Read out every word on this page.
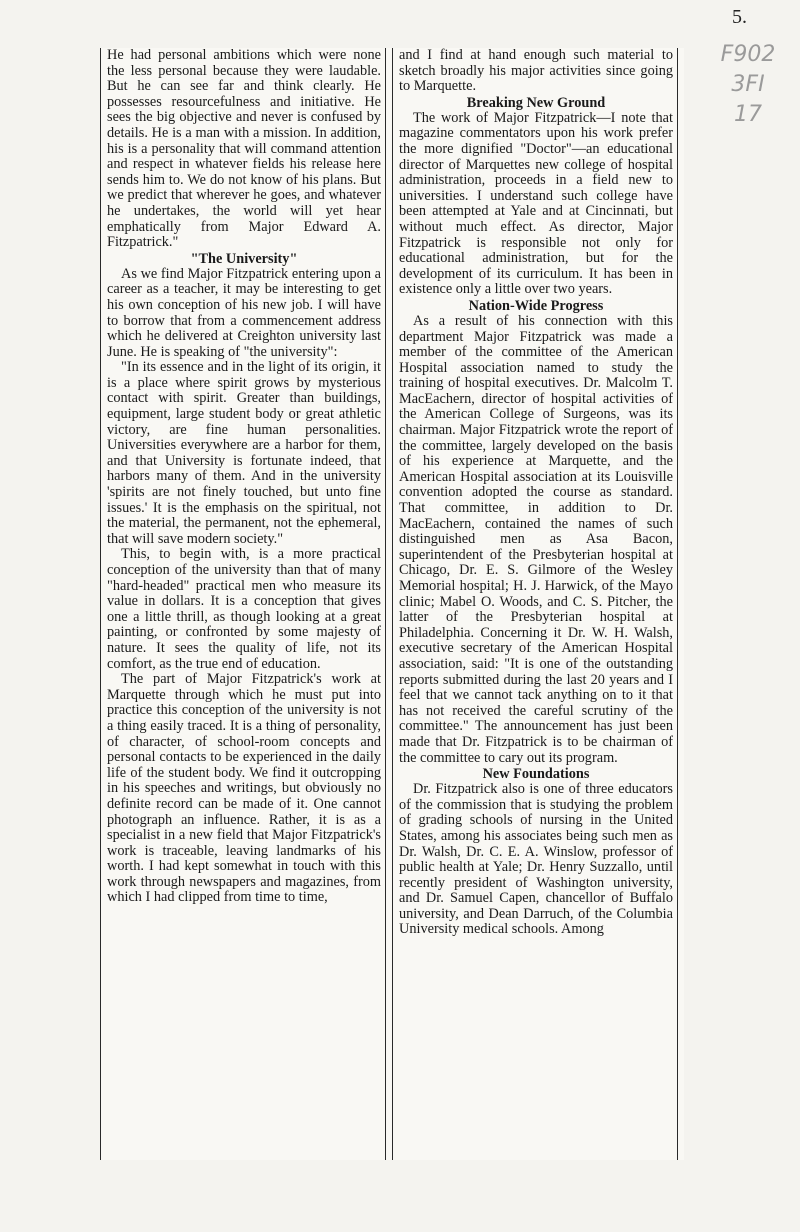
5.
F902
3FI
17

He had personal ambitions which were none the less personal because they were laudable. But he can see far and think clearly. He possesses resourcefulness and initiative. He sees the big objective and never is confused by details. He is a man with a mission. In addition, his is a personality that will command attention and respect in whatever fields his release here sends him to. We do not know of his plans. But we predict that wherever he goes, and whatever he undertakes, the world will yet hear emphatically from Major Edward A. Fitzpatrick."

"The University"

As we find Major Fitzpatrick entering upon a career as a teacher, it may be interesting to get his own conception of his new job. I will have to borrow that from a commencement address which he delivered at Creighton university last June. He is speaking of "the university":

"In its essence and in the light of its origin, it is a place where spirit grows by mysterious contact with spirit. Greater than buildings, equipment, large student body or great athletic victory, are fine human personalities. Universities everywhere are a harbor for them, and that University is fortunate indeed, that harbors many of them. And in the university 'spirits are not finely touched, but unto fine issues.' It is the emphasis on the spiritual, not the material, the permanent, not the ephemeral, that will save modern society."

This, to begin with, is a more practical conception of the university than that of many "hard-headed" practical men who measure its value in dollars. It is a conception that gives one a little thrill, as though looking at a great painting, or confronted by some majesty of nature. It sees the quality of life, not its comfort, as the true end of education.

The part of Major Fitzpatrick's work at Marquette through which he must put into practice this conception of the university is not a thing easily traced. It is a thing of personality, of character, of school-room concepts and personal contacts to be experienced in the daily life of the student body. We find it outcropping in his speeches and writings, but obviously no definite record can be made of it. One cannot photograph an influence. Rather, it is as a specialist in a new field that Major Fitzpatrick's work is traceable, leaving landmarks of his worth. I had kept somewhat in touch with this work through newspapers and magazines, from which I had clipped from time to time,

and I find at hand enough such material to sketch broadly his major activities since going to Marquette.

Breaking New Ground

The work of Major Fitzpatrick—I note that magazine commentators upon his work prefer the more dignified "Doctor"—an educational director of Marquettes new college of hospital administration, proceeds in a field new to universities. I understand such college have been attempted at Yale and at Cincinnati, but without much effect. As director, Major Fitzpatrick is responsible not only for educational administration, but for the development of its curriculum. It has been in existence only a little over two years.

Nation-Wide Progress

As a result of his connection with this department Major Fitzpatrick was made a member of the committee of the American Hospital association named to study the training of hospital executives. Dr. Malcolm T. MacEachern, director of hospital activities of the American College of Surgeons, was its chairman. Major Fitzpatrick wrote the report of the committee, largely developed on the basis of his experience at Marquette, and the American Hospital association at its Louisville convention adopted the course as standard. That committee, in addition to Dr. MacEachern, contained the names of such distinguished men as Asa Bacon, superintendent of the Presbyterian hospital at Chicago, Dr. E. S. Gilmore of the Wesley Memorial hospital; H. J. Harwick, of the Mayo clinic; Mabel O. Woods, and C. S. Pitcher, the latter of the Presbyterian hospital at Philadelphia. Concerning it Dr. W. H. Walsh, executive secretary of the American Hospital association, said: "It is one of the outstanding reports submitted during the last 20 years and I feel that we cannot tack anything on to it that has not received the careful scrutiny of the committee." The announcement has just been made that Dr. Fitzpatrick is to be chairman of the committee to cary out its program.

New Foundations

Dr. Fitzpatrick also is one of three educators of the commission that is studying the problem of grading schools of nursing in the United States, among his associates being such men as Dr. Walsh, Dr. C. E. A. Winslow, professor of public health at Yale; Dr. Henry Suzzallo, until recently president of Washington university, and Dr. Samuel Capen, chancellor of Buffalo university, and Dean Darruch, of the Columbia University medical schools. Among
